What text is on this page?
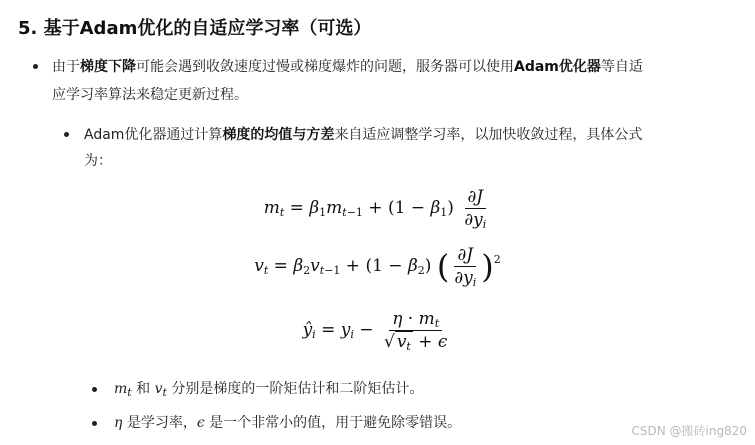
5. 基于Adam优化的自适应学习率（可选）
由于梯度下降可能会遇到收敛速度过慢或梯度爆炸的问题，服务器可以使用Adam优化器等自适
应学习率算法来稳定更新过程。
Adam优化器通过计算梯度的均值与方差来自适应调整学习率，以加快收敛过程，具体公式
为：
$m_t = \beta_1m_{t-1} + (1 - \beta_1) \frac{\partial J}{\partial y_i}$
$v_t = \beta_2v_{t-1} + (1 - \beta_2)$ ( $\frac{\partial J}{\partial y_i} )^2$
$ŷ_i = y_i - \frac{\eta \cdot m_t}{√ v_t + \epsilon}$
$m_t$ 和 $v_t$ 分别是梯度的一阶矩估计和二阶矩估计。
η 是学习率，ϵ 是一个非常小的值，用于避免除零错误。	CSDN @搬砖ing820
